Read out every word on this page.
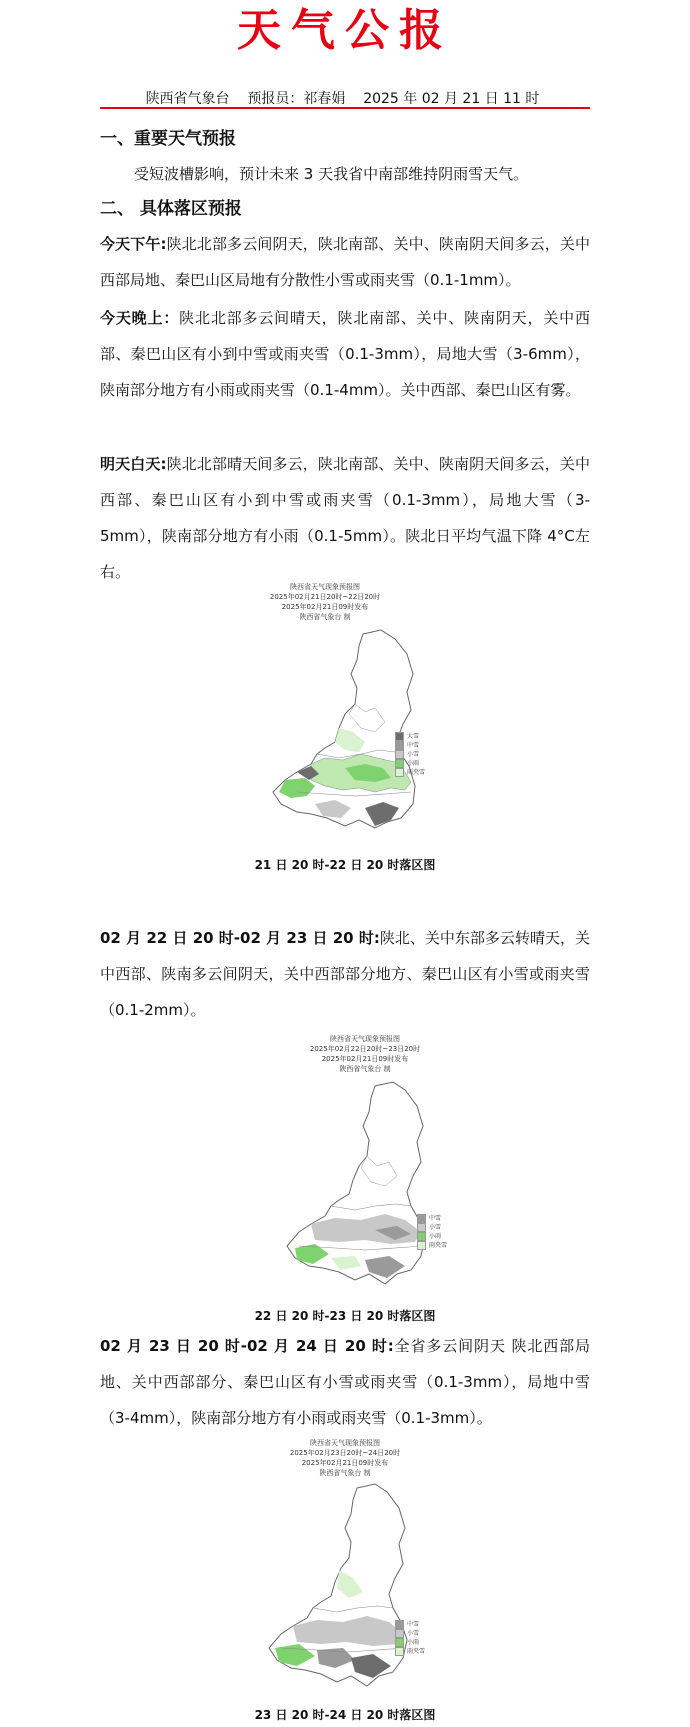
天气公报
陕西省气象台 预报员：祁春娟 2025 年 02 月 21 日 11 时
一、重要天气预报
受短波槽影响，预计未来 3 天我省中南部维持阴雨雪天气。
二、 具体落区预报
今天下午:陕北北部多云间阴天，陕北南部、关中、陕南阴天间多云，关中西部局地、秦巴山区局地有分散性小雪或雨夹雪（0.1-1mm）。
今天晚上：陕北北部多云间晴天，陕北南部、关中、陕南阴天，关中西部、秦巴山区有小到中雪或雨夹雪（0.1-3mm），局地大雪（3-6mm），陕南部分地方有小雨或雨夹雪（0.1-4mm）。关中西部、秦巴山区有雾。
明天白天:陕北北部晴天间多云，陕北南部、关中、陕南阴天间多云，关中西部、秦巴山区有小到中雪或雨夹雪（0.1-3mm），局地大雪（3-5mm），陕南部分地方有小雨（0.1-5mm）。陕北日平均气温下降 4°C左右。
陕西省天气现象预报图
2025年02月21日20时~22日20时
2025年02月21日09时发布
陕西省气象台 制
大雪
中雪
小雪
小雨
雨夹雪
21 日 20 时-22 日 20 时落区图
02 月 22 日 20 时-02 月 23 日 20 时:陕北、关中东部多云转晴天，关中西部、陕南多云间阴天，关中西部部分地方、秦巴山区有小雪或雨夹雪（0.1-2mm）。
陕西省天气现象预报图
2025年02月22日20时~23日20时
2025年02月21日09时发布
陕西省气象台 制
中雪
小雪
小雨
雨夹雪
22 日 20 时-23 日 20 时落区图
02 月 23 日 20 时-02 月 24 日 20 时:全省多云间阴天 陕北西部局地、关中西部部分、秦巴山区有小雪或雨夹雪（0.1-3mm），局地中雪（3-4mm），陕南部分地方有小雨或雨夹雪（0.1-3mm）。
陕西省天气现象预报图
2025年02月23日20时~24日20时
2025年02月21日09时发布
陕西省气象台 制
中雪
小雪
小雨
雨夹雪
23 日 20 时-24 日 20 时落区图
